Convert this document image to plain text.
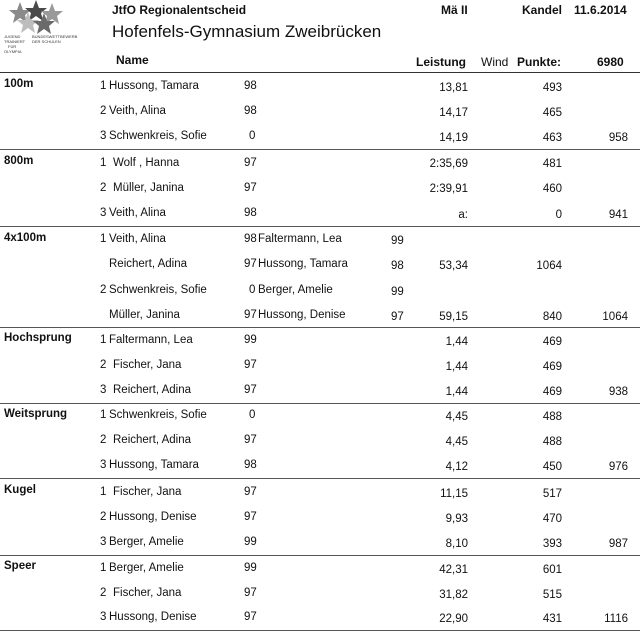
JUGEND
TRAINIERT
FÜR
OLYMPIA
BUNDESWETTBEWERB
DER SCHULEN
JtfO Regionalentscheid	Mä II	Kandel 11.6.2014
Hofenfels-Gymnasium Zweibrücken
Name	Leistung Wind Punkte:	6980
100m	1 Hussong, Tamara	98	13,81	493
2 Veith, Alina	98	14,17	465
3 Schwenkreis, Sofie	0	14,19	463	958
800m	1 Wolf , Hanna	97	2:35,69	481
2 Müller, Janina	97	2:39,91	460
3 Veith, Alina	98	a:	0	941
4x100m	1 Veith, Alina	98 Faltermann, Lea	99
Reichert, Adina	97 Hussong, Tamara	98	53,34	1064
2 Schwenkreis, Sofie	0 Berger, Amelie	99
Müller, Janina	97 Hussong, Denise	97	59,15	840	1064
Hochsprung 1 Faltermann, Lea	99	1,44	469
2 Fischer, Jana	97	1,44	469
3 Reichert, Adina	97	1,44	469	938
Weitsprung	1 Schwenkreis, Sofie	0	4,45	488
2 Reichert, Adina	97	4,45	488
3 Hussong, Tamara	98	4,12	450	976
Kugel	1 Fischer, Jana	97	11,15	517
2 Hussong, Denise	97	9,93	470
3 Berger, Amelie	99	8,10	393	987
Speer	1 Berger, Amelie	99	42,31	601
2 Fischer, Jana	97	31,82	515
3 Hussong, Denise	97	22,90	431	1116
